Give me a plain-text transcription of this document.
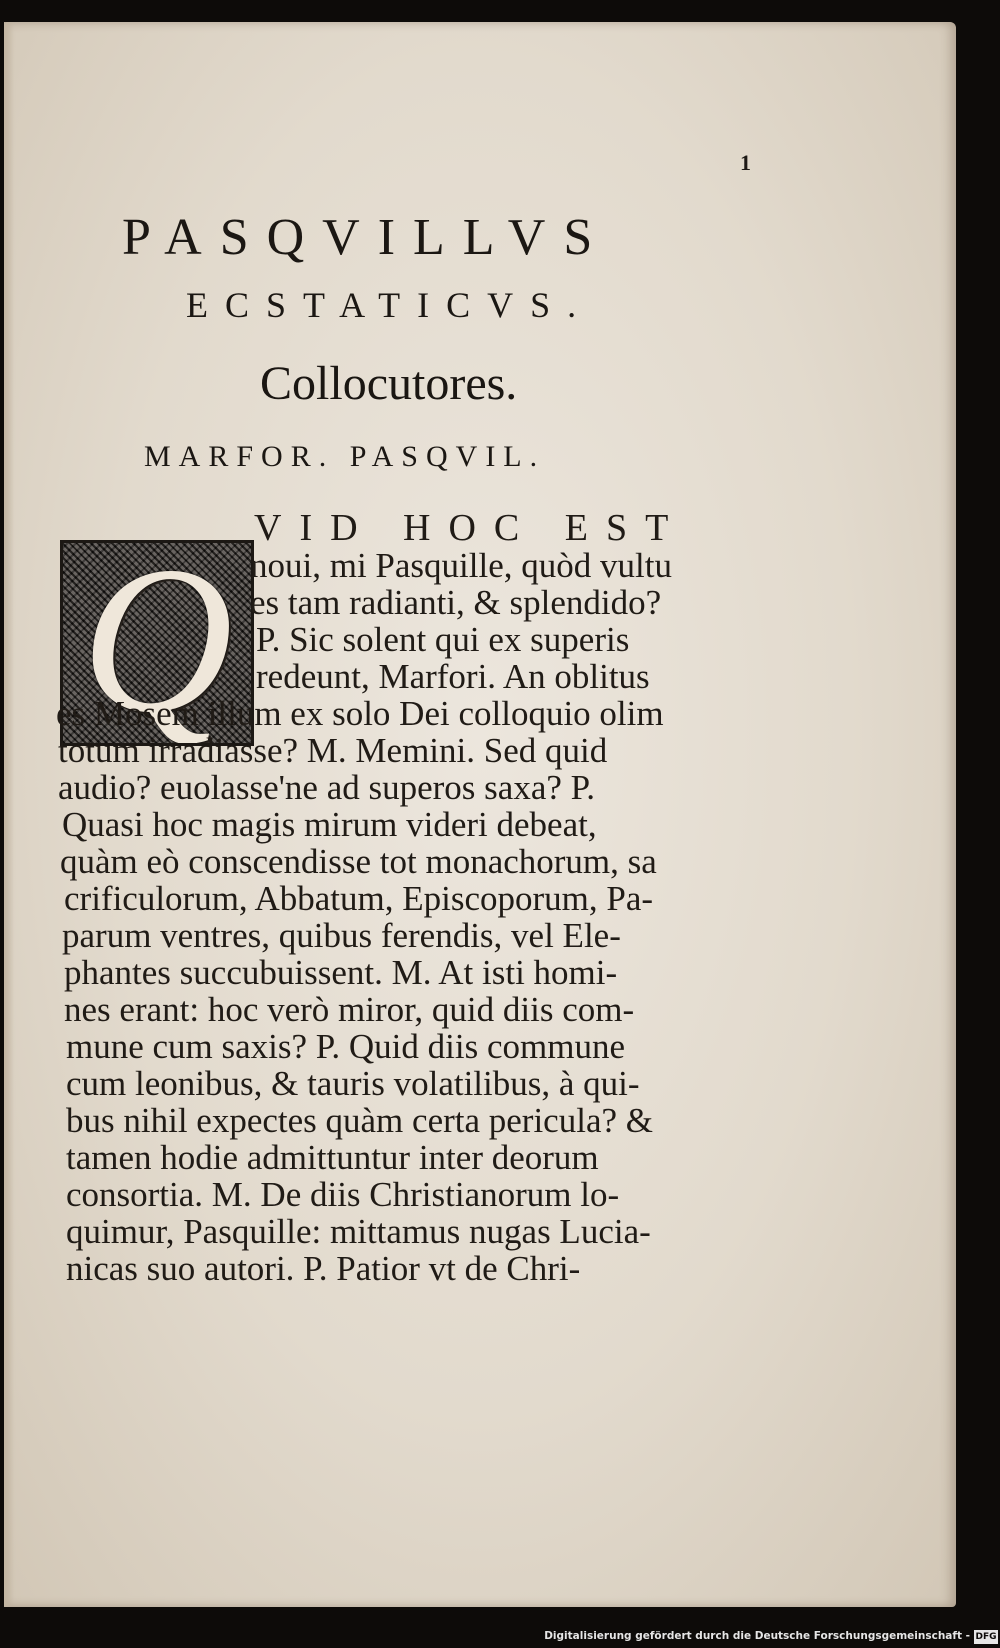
1
PASQVILLVS
ECSTATICVS.
Collocutores.
MARFOR. PASQVIL.
Q VID HOC EST
noui, mi Pasquille, quòd vultu
es tam radianti, & splendido?
P. Sic solent qui ex superis
redeunt, Marfori. An oblitus
es Mosem illum ex solo Dei colloquio olim
totum irradiasse? M. Memini. Sed quid
audio? euolasse'ne ad superos saxa? P.
Quasi hoc magis mirum videri debeat,
quàm eò conscendisse tot monachorum, sa
crificulorum, Abbatum, Episcoporum, Pa-
parum ventres, quibus ferendis, vel Ele-
phantes succubuissent. M. At isti homi-
nes erant: hoc verò miror, quid diis com-
mune cum saxis? P. Quid diis commune
cum leonibus, & tauris volatilibus, à qui-
bus nihil expectes quàm certa pericula? &
tamen hodie admittuntur inter deorum
consortia. M. De diis Christianorum lo-
quimur, Pasquille: mittamus nugas Lucia-
nicas suo autori. P. Patior vt de Chri-
Digitalisierung gefördert durch die Deutsche Forschungsgemeinschaft - DFG
